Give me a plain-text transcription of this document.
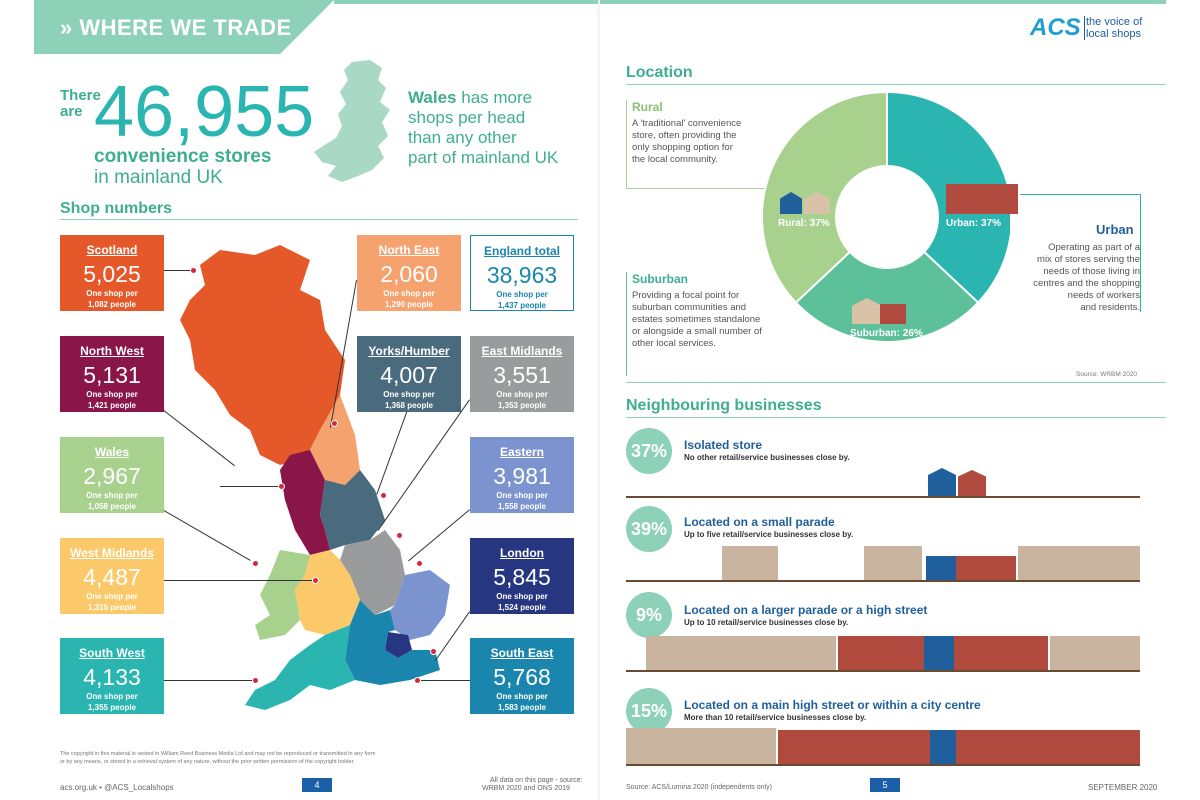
» WHERE WE TRADE
There are 46,955
convenience stores
in mainland UK
Wales has more
shops per head
than any other
part of mainland UK
Shop numbers
Scotland
5,025
One shop per
1,082 people
North West
5,131
One shop per
1,421 people
Wales
2,967
One shop per
1,058 people
West Midlands
4,487
One shop per
1,315 people
South West
4,133
One shop per
1,355 people
North East
2,060
One shop per
1,290 people
Yorks/Humber
4,007
One shop per
1,368 people
East Midlands
3,551
One shop per
1,353 people
Eastern
3,981
One shop per
1,558 people
London
5,845
One shop per
1,524 people
South East
5,768
One shop per
1,583 people
England total
38,963
One shop per
1,437 people
The copyright in this material is vested in William Reed Business Media Ltd and may not be reproduced or transmitted in any form
or by any means, or stored in a retrieval system of any nature, without the prior written permission of the copyright holder.
acs.org.uk • @ACS_Localshops	4	All data on this page - source:
WRBM 2020 and ONS 2019
ACS the voice of
local shops
Location
Rural
A 'traditional' convenience
store, often providing the
only shopping option for
the local community.
Suburban
Providing a focal point for
suburban communities and
estates sometimes standalone
or alongside a small number of
other local services.
Urban
Operating as part of a
mix of stores serving the
needs of those living in
centres and the shopping
needs of workers
and residents.
Rural: 37%	Urban: 37%
Suburban: 26%
Source: WRBM 2020
Neighbouring businesses
37%	Isolated store
No other retail/service businesses close by.
39%	Located on a small parade
Up to five retail/service businesses close by.
9%	Located on a larger parade or a high street
Up to 10 retail/service businesses close by.
15%	Located on a main high street or within a city centre
More than 10 retail/service businesses close by.
Source: ACS/Lumina 2020 (independents only)	5	SEPTEMBER 2020
